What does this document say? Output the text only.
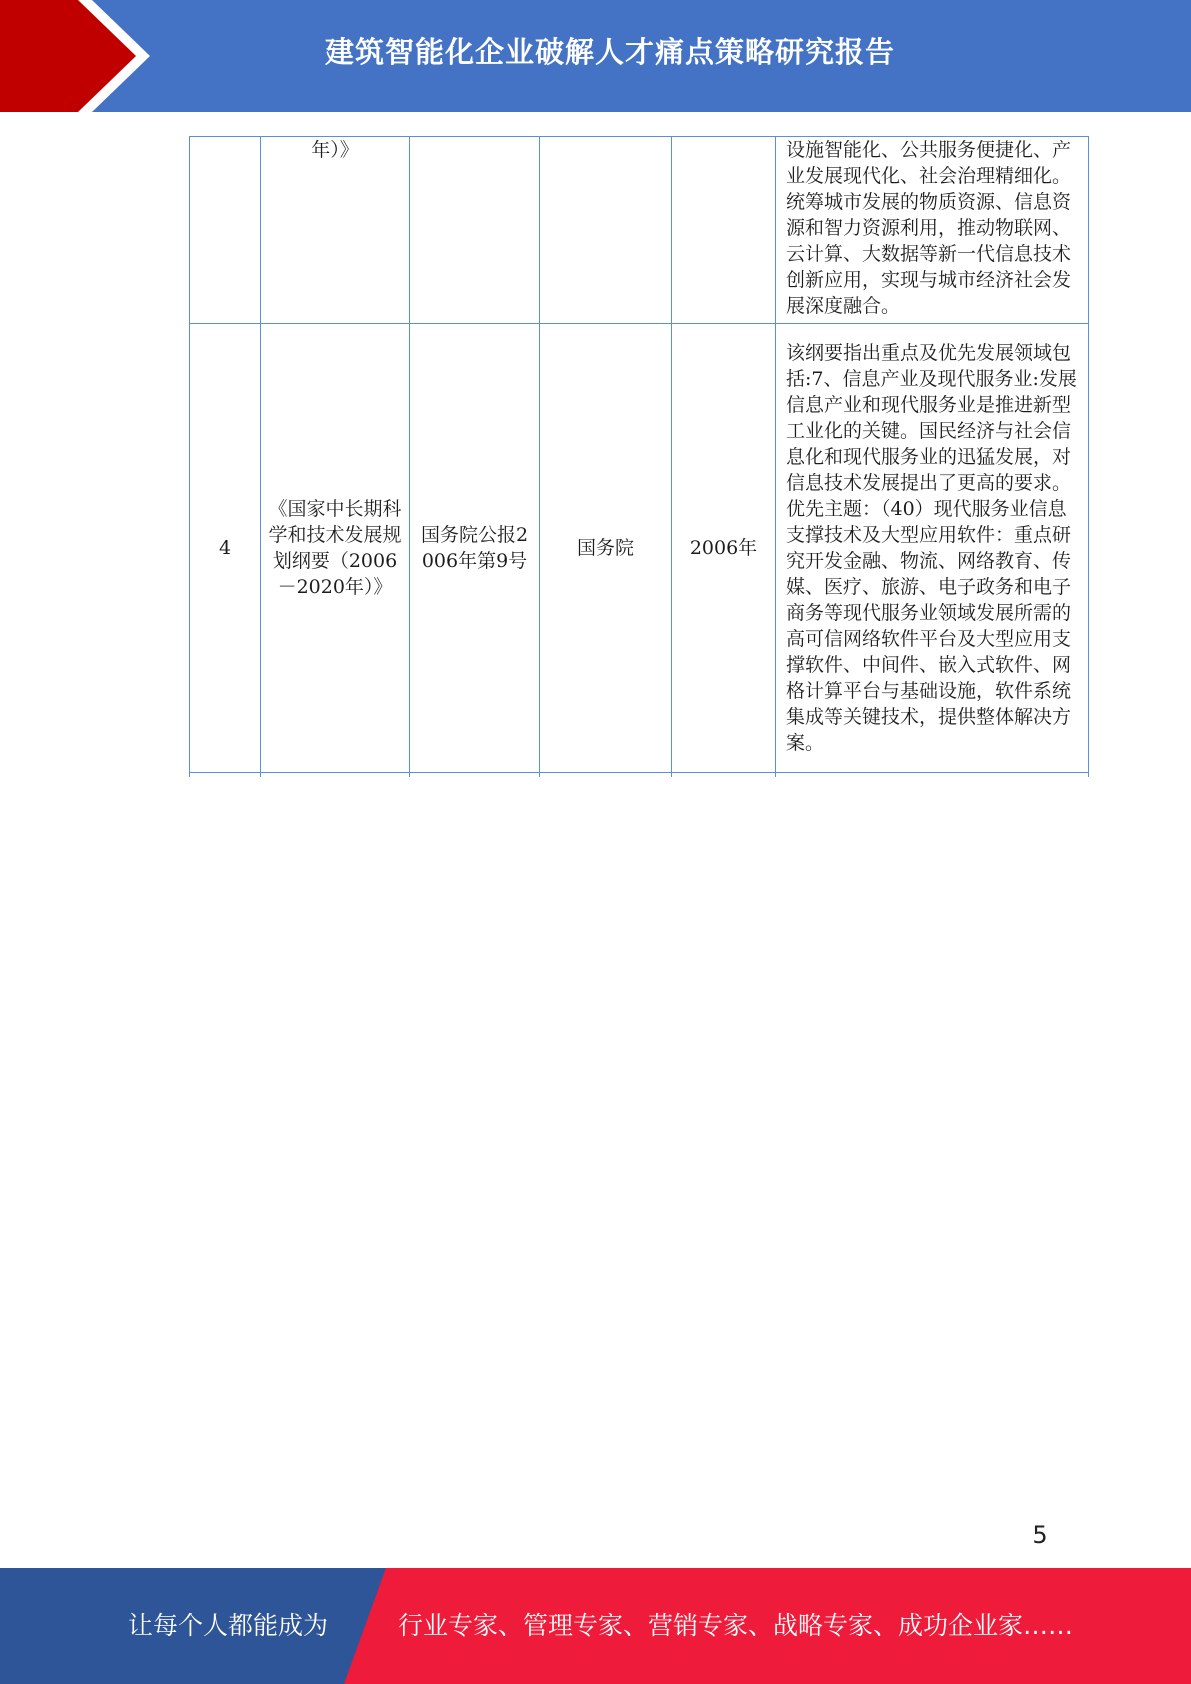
建筑智能化企业破解人才痛点策略研究报告
	年）》				设施智能化、公共服务便捷化、产业发展现代化、社会治理精细化。统筹城市发展的物质资源、信息资源和智力资源利用，推动物联网、云计算、大数据等新一代信息技术创新应用，实现与城市经济社会发展深度融合。
4	《国家中长期科学和技术发展规划纲要（2006－2020年）》	国务院公报2006年第9号	国务院	2006年	该纲要指出重点及优先发展领域包括:7、信息产业及现代服务业:发展信息产业和现代服务业是推进新型工业化的关键。国民经济与社会信息化和现代服务业的迅猛发展，对信息技术发展提出了更高的要求。优先主题：（40）现代服务业信息支撑技术及大型应用软件：重点研究开发金融、物流、网络教育、传媒、医疗、旅游、电子政务和电子商务等现代服务业领域发展所需的高可信网络软件平台及大型应用支撑软件、中间件、嵌入式软件、网格计算平台与基础设施，软件系统集成等关键技术，提供整体解决方案。

5
让每个人都能成为	行业专家、管理专家、营销专家、战略专家、成功企业家……
